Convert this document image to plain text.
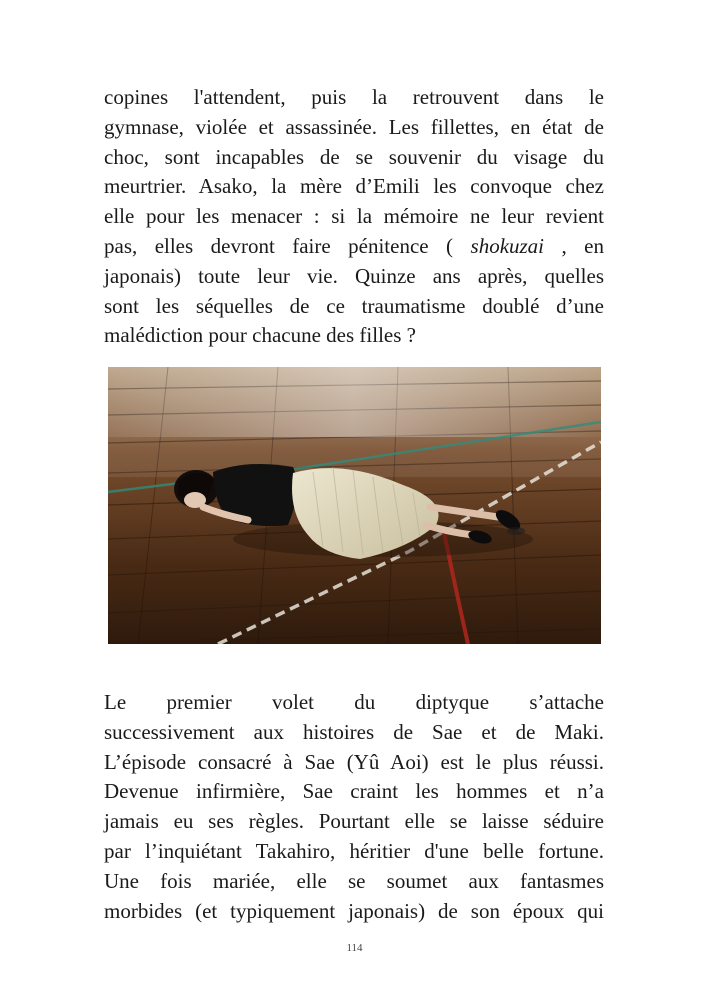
copines l'attendent, puis la retrouvent dans le
gymnase, violée et assassinée. Les fillettes, en état de
choc, sont incapables de se souvenir du visage du
meurtrier. Asako, la mère d’Emili les convoque chez
elle pour les menacer : si la mémoire ne leur revient
pas, elles devront faire pénitence ( shokuzai , en
japonais) toute leur vie. Quinze ans après, quelles
sont les séquelles de ce traumatisme doublé d’une
malédiction pour chacune des filles ?

Le premier volet du diptyque s’attache
successivement aux histoires de Sae et de Maki.
L’épisode consacré à Sae (Yû Aoi) est le plus réussi.
Devenue infirmière, Sae craint les hommes et n’a
jamais eu ses règles. Pourtant elle se laisse séduire
par l’inquiétant Takahiro, héritier d'une belle fortune.
Une fois mariée, elle se soumet aux fantasmes
morbides (et typiquement japonais) de son époux qui

114
